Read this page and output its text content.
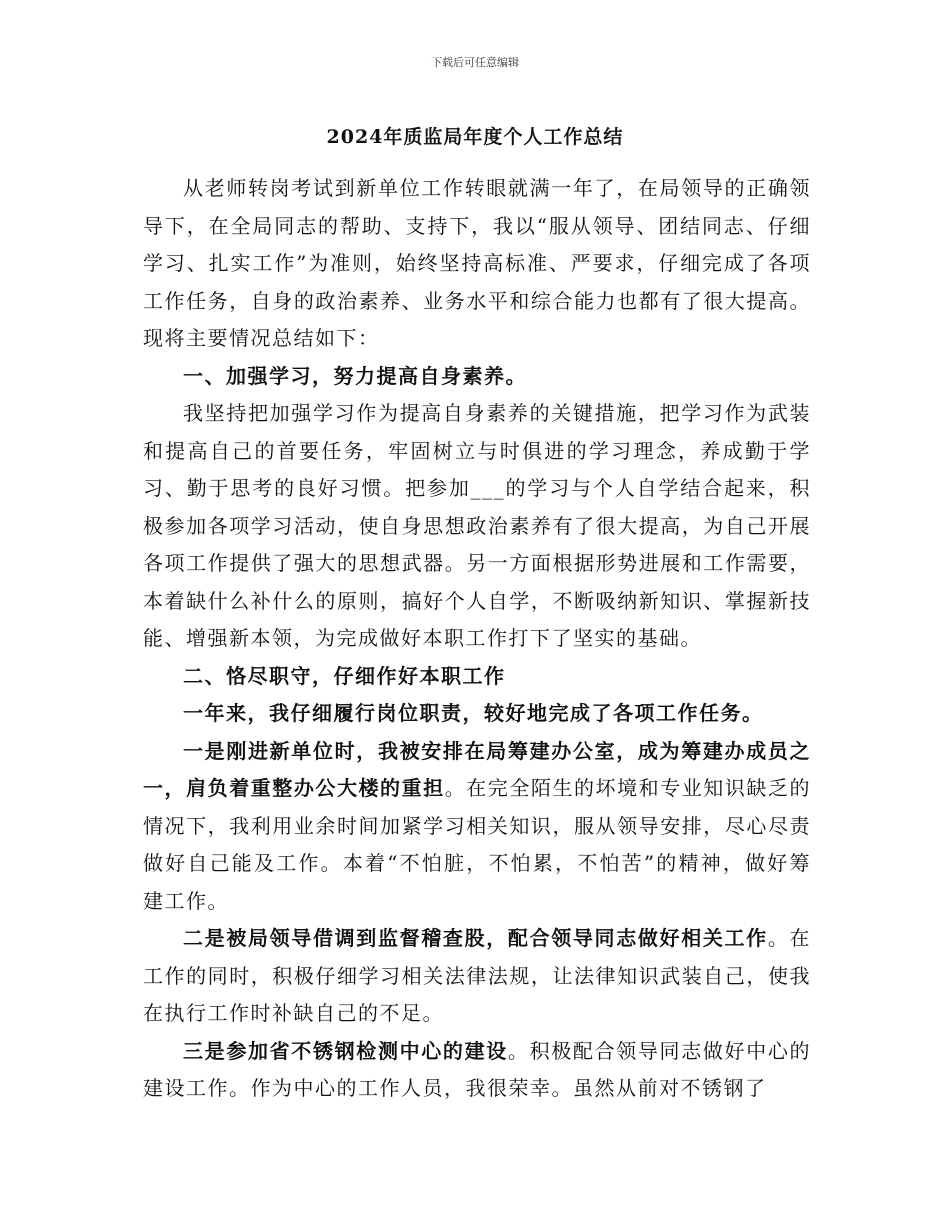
下载后可任意编辑
2024年质监局年度个人工作总结

从老师转岗考试到新单位工作转眼就满一年了，在局领导的正确领导下，在全局同志的帮助、支持下，我以“服从领导、团结同志、仔细学习、扎实工作”为准则，始终坚持高标准、严要求，仔细完成了各项工作任务，自身的政治素养、业务水平和综合能力也都有了很大提高。现将主要情况总结如下：

一、加强学习，努力提高自身素养。

我坚持把加强学习作为提高自身素养的关键措施，把学习作为武装和提高自己的首要任务，牢固树立与时俱进的学习理念，养成勤于学习、勤于思考的良好习惯。把参加___的学习与个人自学结合起来，积极参加各项学习活动，使自身思想政治素养有了很大提高，为自己开展各项工作提供了强大的思想武器。另一方面根据形势进展和工作需要，本着缺什么补什么的原则，搞好个人自学，不断吸纳新知识、掌握新技能、增强新本领，为完成做好本职工作打下了坚实的基础。

二、恪尽职守，仔细作好本职工作

一年来，我仔细履行岗位职责，较好地完成了各项工作任务。

一是刚进新单位时，我被安排在局筹建办公室，成为筹建办成员之一，肩负着重整办公大楼的重担。在完全陌生的坏境和专业知识缺乏的情况下，我利用业余时间加紧学习相关知识，服从领导安排，尽心尽责做好自己能及工作。本着“不怕脏，不怕累，不怕苦”的精神，做好筹建工作。

二是被局领导借调到监督稽查股，配合领导同志做好相关工作。在工作的同时，积极仔细学习相关法律法规，让法律知识武装自己，使我在执行工作时补缺自己的不足。

三是参加省不锈钢检测中心的建设。积极配合领导同志做好中心的建设工作。作为中心的工作人员，我很荣幸。虽然从前对不锈钢了
